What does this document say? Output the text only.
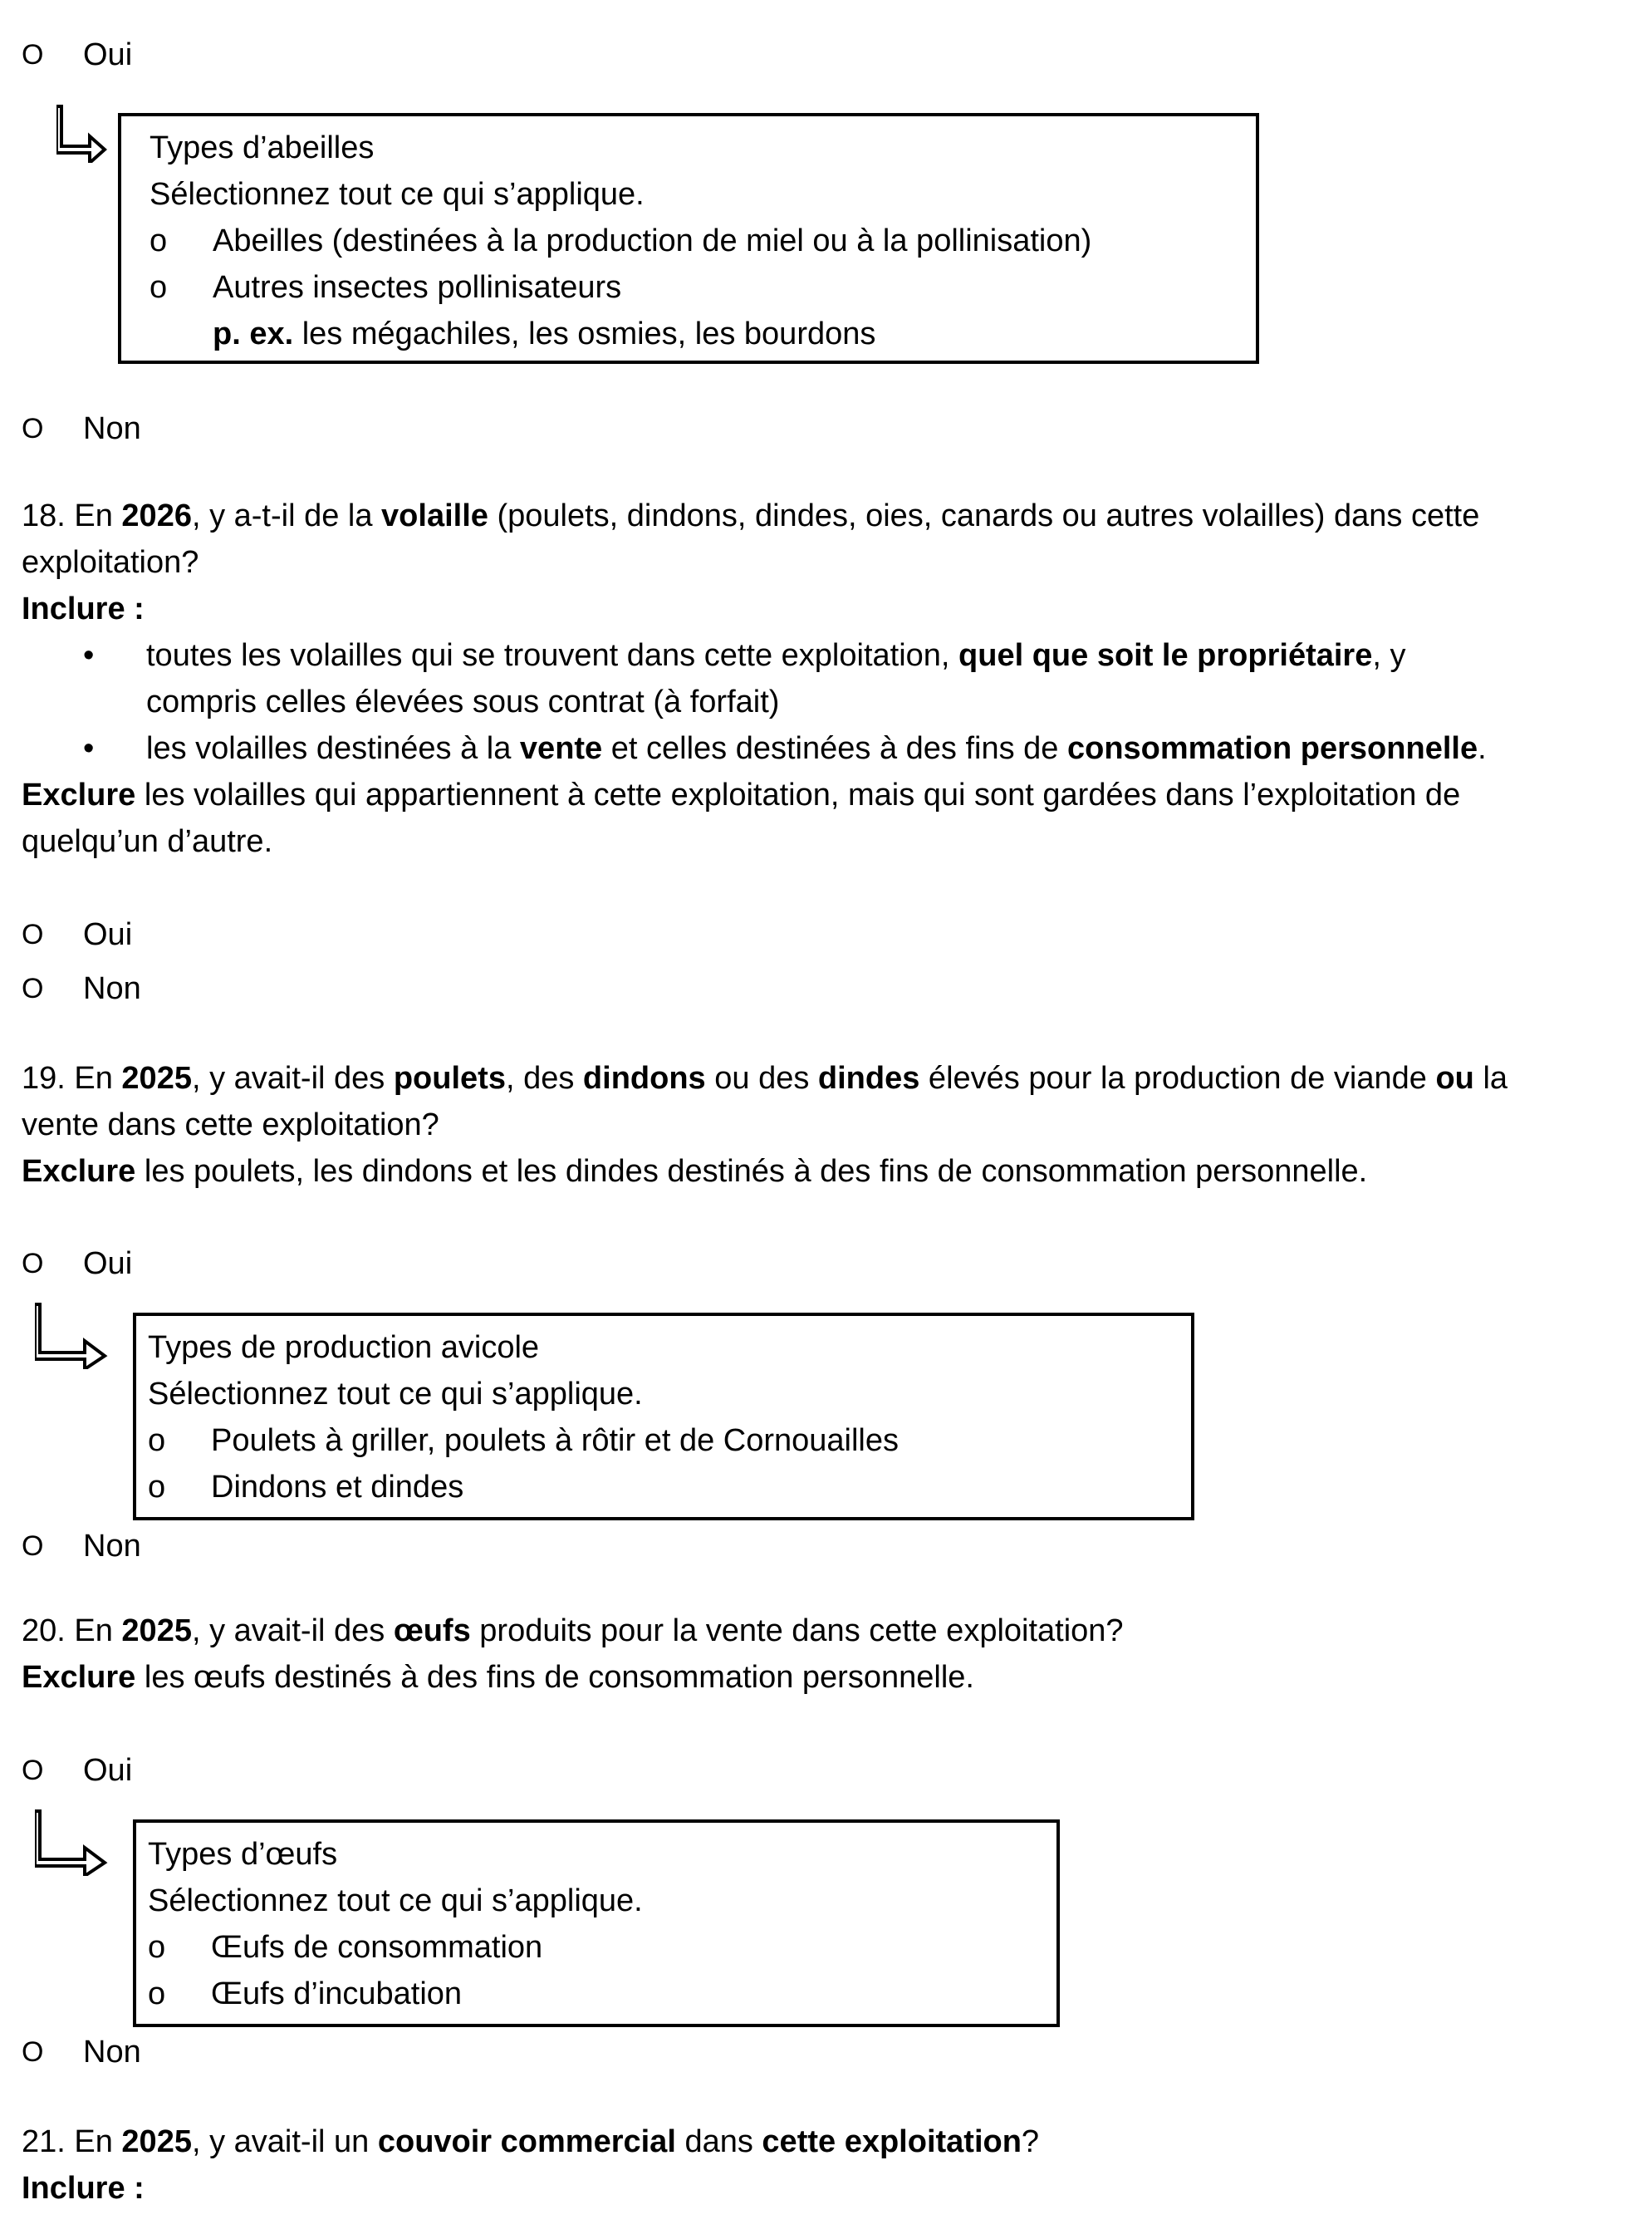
O Oui
Types d’abeilles
Sélectionnez tout ce qui s’applique.
o Abeilles (destinées à la production de miel ou à la pollinisation)
o Autres insectes pollinisateurs
p. ex. les mégachiles, les osmies, les bourdons
O Non
18. En 2026, y a-t-il de la volaille (poulets, dindons, dindes, oies, canards ou autres volailles) dans cette
exploitation?
Inclure :
• toutes les volailles qui se trouvent dans cette exploitation, quel que soit le propriétaire, y
compris celles élevées sous contrat (à forfait)
• les volailles destinées à la vente et celles destinées à des fins de consommation personnelle.
Exclure les volailles qui appartiennent à cette exploitation, mais qui sont gardées dans l’exploitation de
quelqu’un d’autre.
O Oui
O Non
19. En 2025, y avait-il des poulets, des dindons ou des dindes élevés pour la production de viande ou la
vente dans cette exploitation?
Exclure les poulets, les dindons et les dindes destinés à des fins de consommation personnelle.
O Oui
Types de production avicole
Sélectionnez tout ce qui s’applique.
o Poulets à griller, poulets à rôtir et de Cornouailles
o Dindons et dindes
O Non
20. En 2025, y avait-il des œufs produits pour la vente dans cette exploitation?
Exclure les œufs destinés à des fins de consommation personnelle.
O Oui
Types d’œufs
Sélectionnez tout ce qui s’applique.
o Œufs de consommation
o Œufs d’incubation
O Non
21. En 2025, y avait-il un couvoir commercial dans cette exploitation?
Inclure :
